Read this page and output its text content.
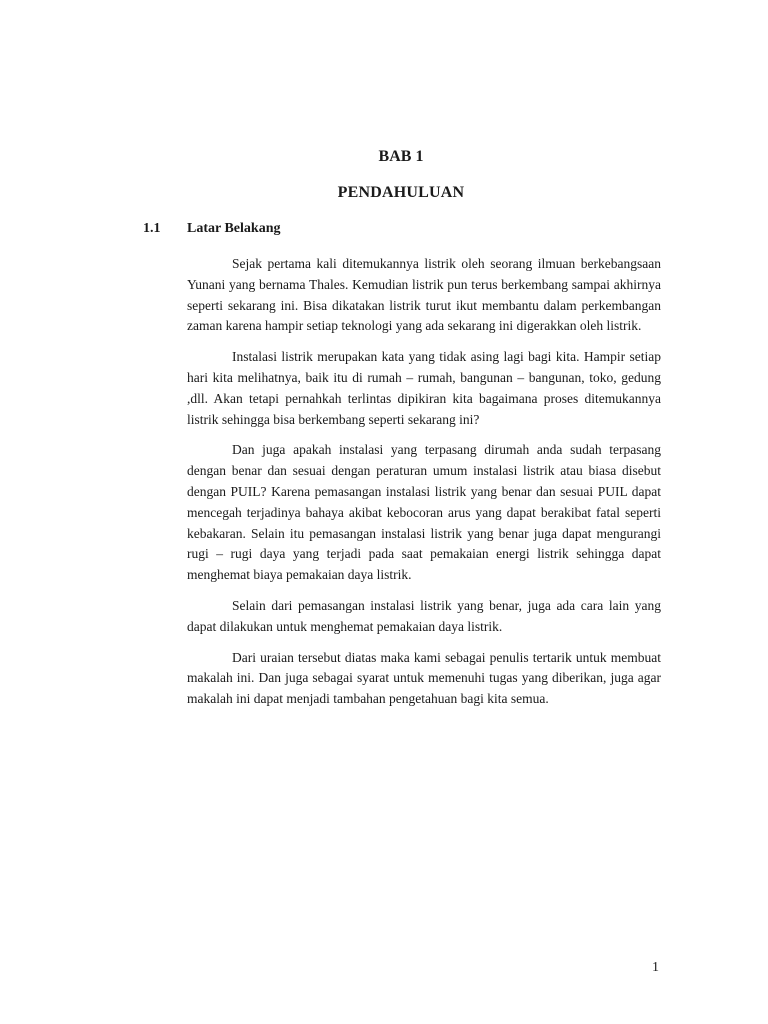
BAB 1
PENDAHULUAN
1.1 Latar Belakang

Sejak pertama kali ditemukannya listrik oleh seorang ilmuan berkebangsaan Yunani yang bernama Thales. Kemudian listrik pun terus berkembang sampai akhirnya seperti sekarang ini. Bisa dikatakan listrik turut ikut membantu dalam perkembangan zaman karena hampir setiap teknologi yang ada sekarang ini digerakkan oleh listrik.

Instalasi listrik merupakan kata yang tidak asing lagi bagi kita. Hampir setiap hari kita melihatnya, baik itu di rumah – rumah, bangunan – bangunan, toko, gedung ,dll. Akan tetapi pernahkah terlintas dipikiran kita bagaimana proses ditemukannya listrik sehingga bisa berkembang seperti sekarang ini?

Dan juga apakah instalasi yang terpasang dirumah anda sudah terpasang dengan benar dan sesuai dengan peraturan umum instalasi listrik atau biasa disebut dengan PUIL? Karena pemasangan instalasi listrik yang benar dan sesuai PUIL dapat mencegah terjadinya bahaya akibat kebocoran arus yang dapat berakibat fatal seperti kebakaran. Selain itu pemasangan instalasi listrik yang benar juga dapat mengurangi rugi – rugi daya yang terjadi pada saat pemakaian energi listrik sehingga dapat menghemat biaya pemakaian daya listrik.

Selain dari pemasangan instalasi listrik yang benar, juga ada cara lain yang dapat dilakukan untuk menghemat pemakaian daya listrik.

Dari uraian tersebut diatas maka kami sebagai penulis tertarik untuk membuat makalah ini. Dan juga sebagai syarat untuk memenuhi tugas yang diberikan, juga agar makalah ini dapat menjadi tambahan pengetahuan bagi kita semua.

1
